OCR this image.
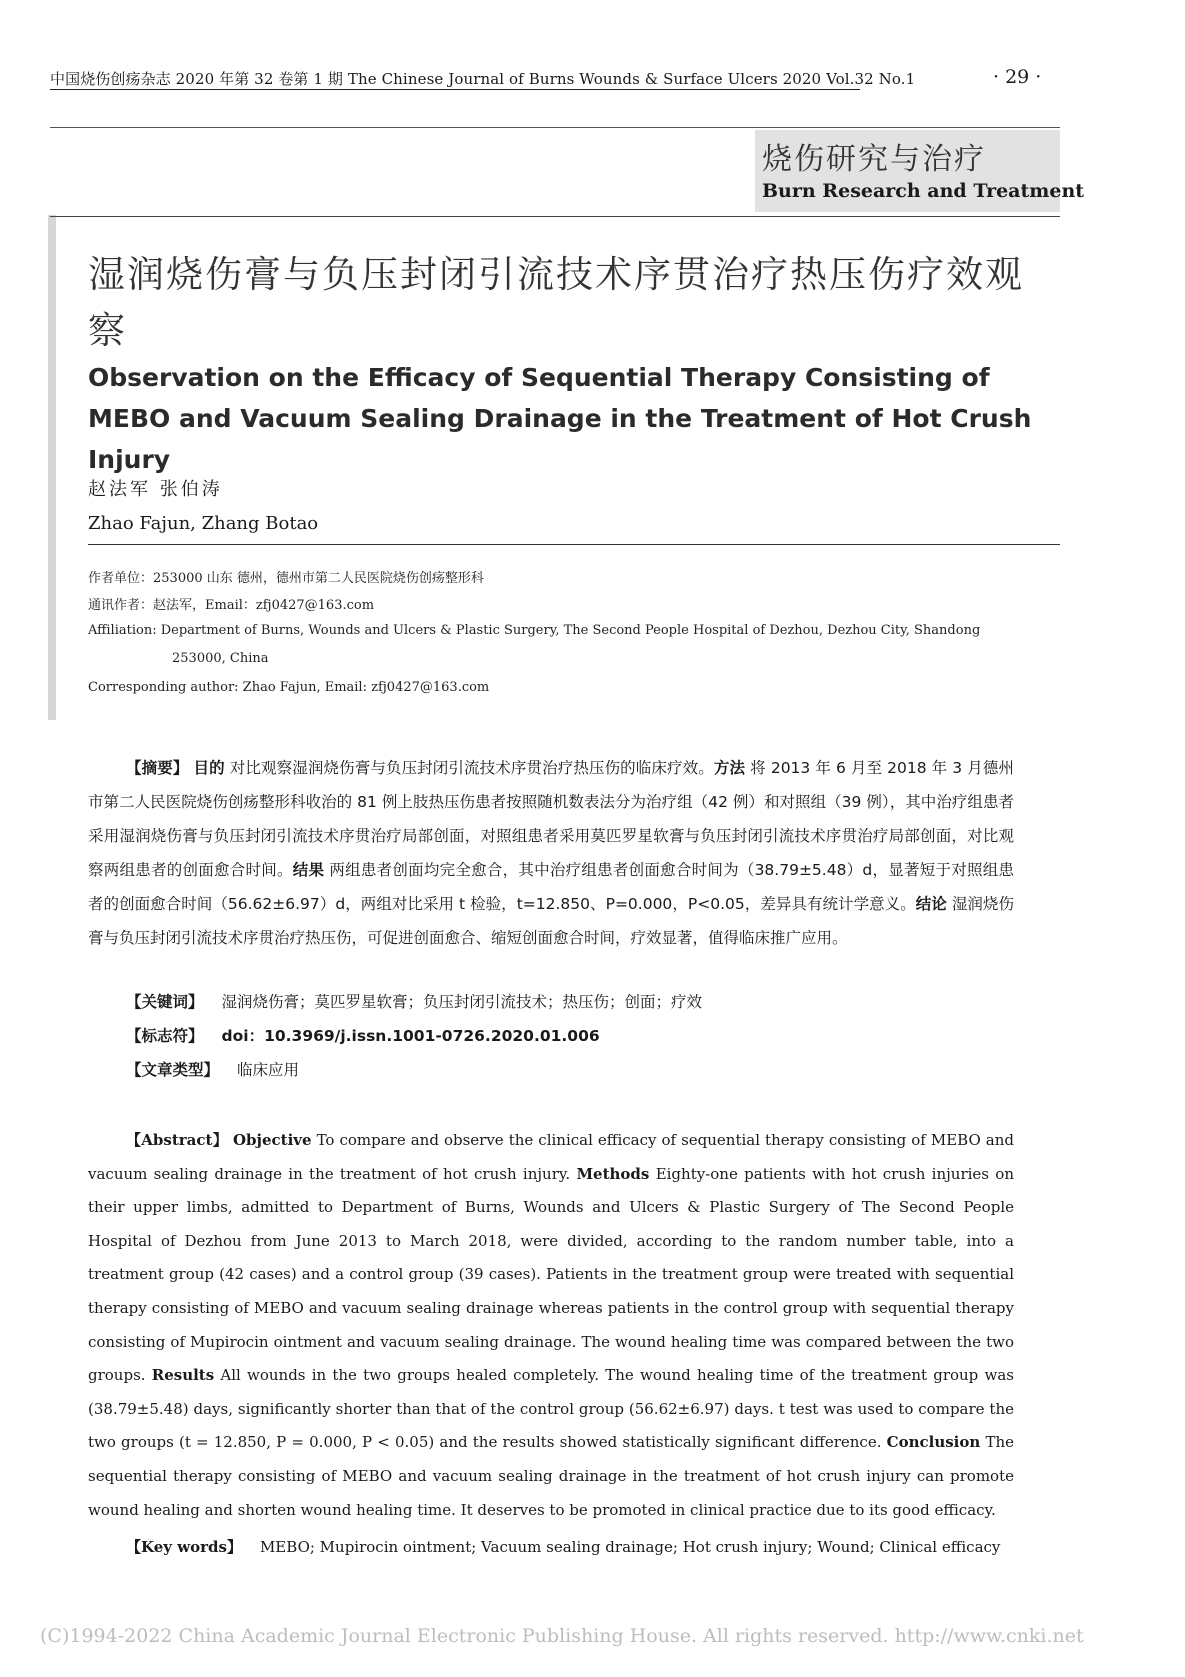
中国烧伤创疡杂志 2020 年第 32 卷第 1 期 The Chinese Journal of Burns Wounds & Surface Ulcers 2020 Vol.32 No.1	· 29 ·
烧伤研究与治疗
Burn Research and Treatment
湿润烧伤膏与负压封闭引流技术序贯治疗热压伤疗效观察
Observation on the Efficacy of Sequential Therapy Consisting of MEBO and Vacuum Sealing Drainage in the Treatment of Hot Crush Injury
赵法军 张伯涛
Zhao Fajun, Zhang Botao
作者单位：253000 山东 德州，德州市第二人民医院烧伤创疡整形科
通讯作者：赵法军，Email：zfj0427@163.com
Affiliation: Department of Burns, Wounds and Ulcers & Plastic Surgery, The Second People Hospital of Dezhou, Dezhou City, Shandong
253000, China
Corresponding author: Zhao Fajun, Email: zfj0427@163.com
【摘要】 目的 对比观察湿润烧伤膏与负压封闭引流技术序贯治疗热压伤的临床疗效。方法 将 2013 年 6 月至 2018 年 3 月德州市第二人民医院烧伤创疡整形科收治的 81 例上肢热压伤患者按照随机数表法分为治疗组（42 例）和对照组（39 例），其中治疗组患者采用湿润烧伤膏与负压封闭引流技术序贯治疗局部创面，对照组患者采用莫匹罗星软膏与负压封闭引流技术序贯治疗局部创面，对比观察两组患者的创面愈合时间。结果 两组患者创面均完全愈合，其中治疗组患者创面愈合时间为（38.79±5.48）d，显著短于对照组患者的创面愈合时间（56.62±6.97）d，两组对比采用 t 检验，t=12.850、P=0.000，P<0.05，差异具有统计学意义。结论 湿润烧伤膏与负压封闭引流技术序贯治疗热压伤，可促进创面愈合、缩短创面愈合时间，疗效显著，值得临床推广应用。
【关键词】 湿润烧伤膏；莫匹罗星软膏；负压封闭引流技术；热压伤；创面；疗效
【标志符】 doi：10.3969/j.issn.1001-0726.2020.01.006
【文章类型】 临床应用
【Abstract】 Objective To compare and observe the clinical efficacy of sequential therapy consisting of MEBO and vacuum sealing drainage in the treatment of hot crush injury. Methods Eighty-one patients with hot crush injuries on their upper limbs, admitted to Department of Burns, Wounds and Ulcers & Plastic Surgery of The Second People Hospital of Dezhou from June 2013 to March 2018, were divided, according to the random number table, into a treatment group (42 cases) and a control group (39 cases). Patients in the treatment group were treated with sequential therapy consisting of MEBO and vacuum sealing drainage whereas patients in the control group with sequential therapy consisting of Mupirocin ointment and vacuum sealing drainage. The wound healing time was compared between the two groups. Results All wounds in the two groups healed completely. The wound healing time of the treatment group was (38.79±5.48) days, significantly shorter than that of the control group (56.62±6.97) days. t test was used to compare the two groups (t = 12.850, P = 0.000, P < 0.05) and the results showed statistically significant difference. Conclusion The sequential therapy consisting of MEBO and vacuum sealing drainage in the treatment of hot crush injury can promote wound healing and shorten wound healing time. It deserves to be promoted in clinical practice due to its good efficacy.
【Key words】 MEBO; Mupirocin ointment; Vacuum sealing drainage; Hot crush injury; Wound; Clinical efficacy
(C)1994-2022 China Academic Journal Electronic Publishing House. All rights reserved. http://www.cnki.net
